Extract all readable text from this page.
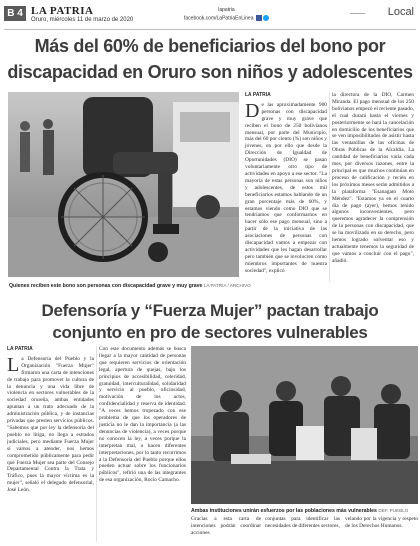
B 4 LA PATRIA
Oruro, miércoles 11 de marzo de 2020
lapatria
facebook.com/LaPatriaEnLinea
Local
Más del 60% de beneficiarios del bono por discapacidad en Oruro son niños y adolescentes
Quienes reciben este bono son personas con discapacidad grave y muy grave LA PATRIA / ARCHIVO
LA PATRIA

De las aproximadamente 900 personas con discapacidad grave y muy grave que reciben el bono de 250 bolivianos mensual, por parte del Municipio, más del 60 por ciento (%) son niños y jóvenes, en por ello que desde la Dirección de Igualdad de Oportunidades (DIO) se pasan voluntariamente otro tipo de actividades en apoyo a ese sector. "La mayoría de estas personas son niños y adolescentes, de estos mil beneficiarios estamos hablando de un gran porcentaje más de 60%, y estamos viendo como DIO que se tendríamos que conformarnos en hacer sólo ese pago mensual, sino a partir de la iniciativa de las asociaciones de personas con discapacidad vamos a empezar con actividades que les hagan desarrollar pero también que se involucren como miembros importantes de nuestra sociedad", explicó

la directora de la DIO, Carmen Miranda. El pago mensual de los 250 bolivianos empezó el reciente pasado, el cual durará hasta el viernes y posteriormente se hará la cancelación en domicilio de los beneficiarios que se ven imposibilitados de asistir hasta las ventanillas de las oficinas de Obras Públicas de la Alcaldía. La cantidad de beneficiarios varía cada mes, por diversos razones, entre la principal es que muchos continúan en proceso de calificación y recién en los próximos meses serán admitidos a la plataforma "Esanagato Moto Méndez". "Estamos ya en el cuarto día de pago (ayer), hemos tenido algunos inconvenientes, pero queremos agradecer la comprensión de la personas con discapacidad, que se ha movilizado en su derecho, pero hemos logrado solventar eso y actualmente tenemos la seguridad de que vamos a concluir con el pago", añadió.

Defensoría y “Fuerza Mujer” pactan trabajo conjunto en pro de sectores vulnerables
LA PATRIA

La Defensoría del Pueblo y la Organización "Fuerza Mujer" firmaron una carta de intenciones de trabajo para promover la cultura de la denuncia y una vida libre de violencia en sectores vulnerables de la sociedad orureña, ambas entidades apuntan a un trato adecuado de la administración pública, y de instancias privadas que presten servicios públicos. "Sabemos que por ley la defensoría del pueblo no litiga, no llega a estrados judiciales, pero mediante Fuerza Mujer sí vamos a atender, nos hemos comprometido públicamente para pedir que Fuerza Mujer sea parte del Consejo Departamental Contra la Trata y Tráfico, pues la mayor víctima es la mujer", señaló el delegado defensorial, José León.

Con este documento además se busca llegar a la mayor cantidad de personas que requieren servicios de orientación legal, apertura de quejas, bajo los principios de accesibilidad, celeridad, gratuidad, interculturalidad, solidaridad y servicio al pueblo, oficiosidad, motivación de los actos, confidencialidad y reserva de identidad. "A veces hemos tropezado con ese problema de que los operadores de justicia no le dan la importancia (a las denuncias de violencia), a veces porque no conocen la ley, a veces porque la interpretan mal, o hacen diferentes interpretaciones, por lo tanto recurrimos a la Defensoría del Pueblo porque ellos pueden actuar sobre los funcionarios públicos", refirió una de las integrantes de esa organización, Rocío Camacho.

Ambas instituciones unirán esfuerzos por las poblaciones más vulnerables DEF. PUEBLO

Gracias a esta carta de intenciones podrán coordinar acciones

conjuntas para identificar las necesidades de diferentes sectores,

velando por la vigencia y respeto de los Derechos Humanos.
